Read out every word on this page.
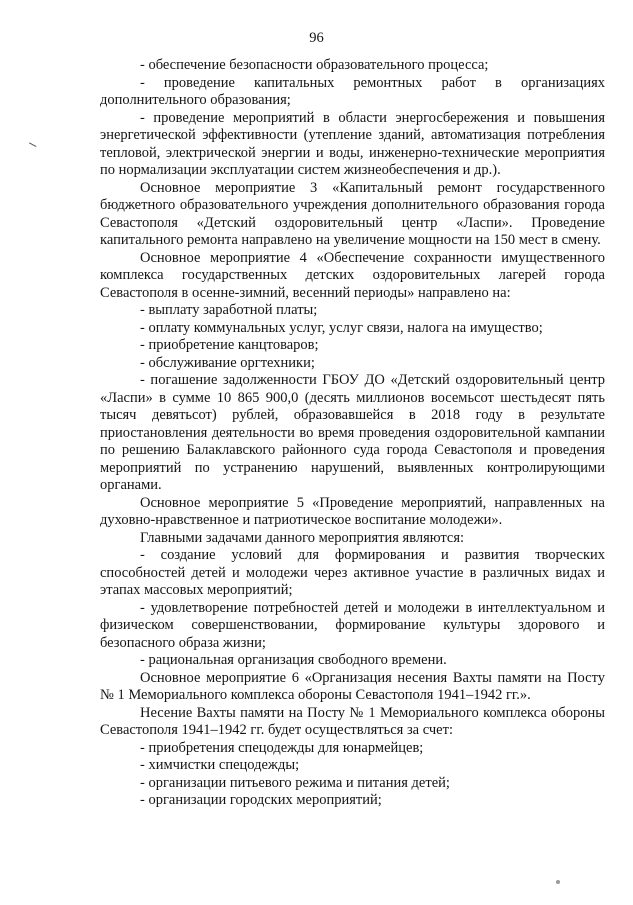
96

- обеспечение безопасности образовательного процесса;

- проведение капитальных ремонтных работ в организациях дополнительного образования;

- проведение мероприятий в области энергосбережения и повышения энергетической эффективности (утепление зданий, автоматизация потребления тепловой, электрической энергии и воды, инженерно-технические мероприятия по нормализации эксплуатации систем жизнеобеспечения и др.).

Основное мероприятие 3 «Капитальный ремонт государственного бюджетного образовательного учреждения дополнительного образования города Севастополя «Детский оздоровительный центр «Ласпи». Проведение капитального ремонта направлено на увеличение мощности на 150 мест в смену.

Основное мероприятие 4 «Обеспечение сохранности имущественного комплекса государственных детских оздоровительных лагерей города Севастополя в осенне-зимний, весенний периоды» направлено на:

- выплату заработной платы;

- оплату коммунальных услуг, услуг связи, налога на имущество;

- приобретение канцтоваров;

- обслуживание оргтехники;

- погашение задолженности ГБОУ ДО «Детский оздоровительный центр «Ласпи» в сумме 10 865 900,0 (десять миллионов восемьсот шестьдесят пять тысяч девятьсот) рублей, образовавшейся в 2018 году в результате приостановления деятельности во время проведения оздоровительной кампании по решению Балаклавского районного суда города Севастополя и проведения мероприятий по устранению нарушений, выявленных контролирующими органами.

Основное мероприятие 5 «Проведение мероприятий, направленных на духовно-нравственное и патриотическое воспитание молодежи».

Главными задачами данного мероприятия являются:

- создание условий для формирования и развития творческих способностей детей и молодежи через активное участие в различных видах и этапах массовых мероприятий;

- удовлетворение потребностей детей и молодежи в интеллектуальном и физическом совершенствовании, формирование культуры здорового и безопасного образа жизни;

- рациональная организация свободного времени.

Основное мероприятие 6 «Организация несения Вахты памяти на Посту № 1 Мемориального комплекса обороны Севастополя 1941–1942 гг.».

Несение Вахты памяти на Посту № 1 Мемориального комплекса обороны Севастополя 1941–1942 гг. будет осуществляться за счет:

- приобретения спецодежды для юнармейцев;

- химчистки спецодежды;

- организации питьевого режима и питания детей;

- организации городских мероприятий;
